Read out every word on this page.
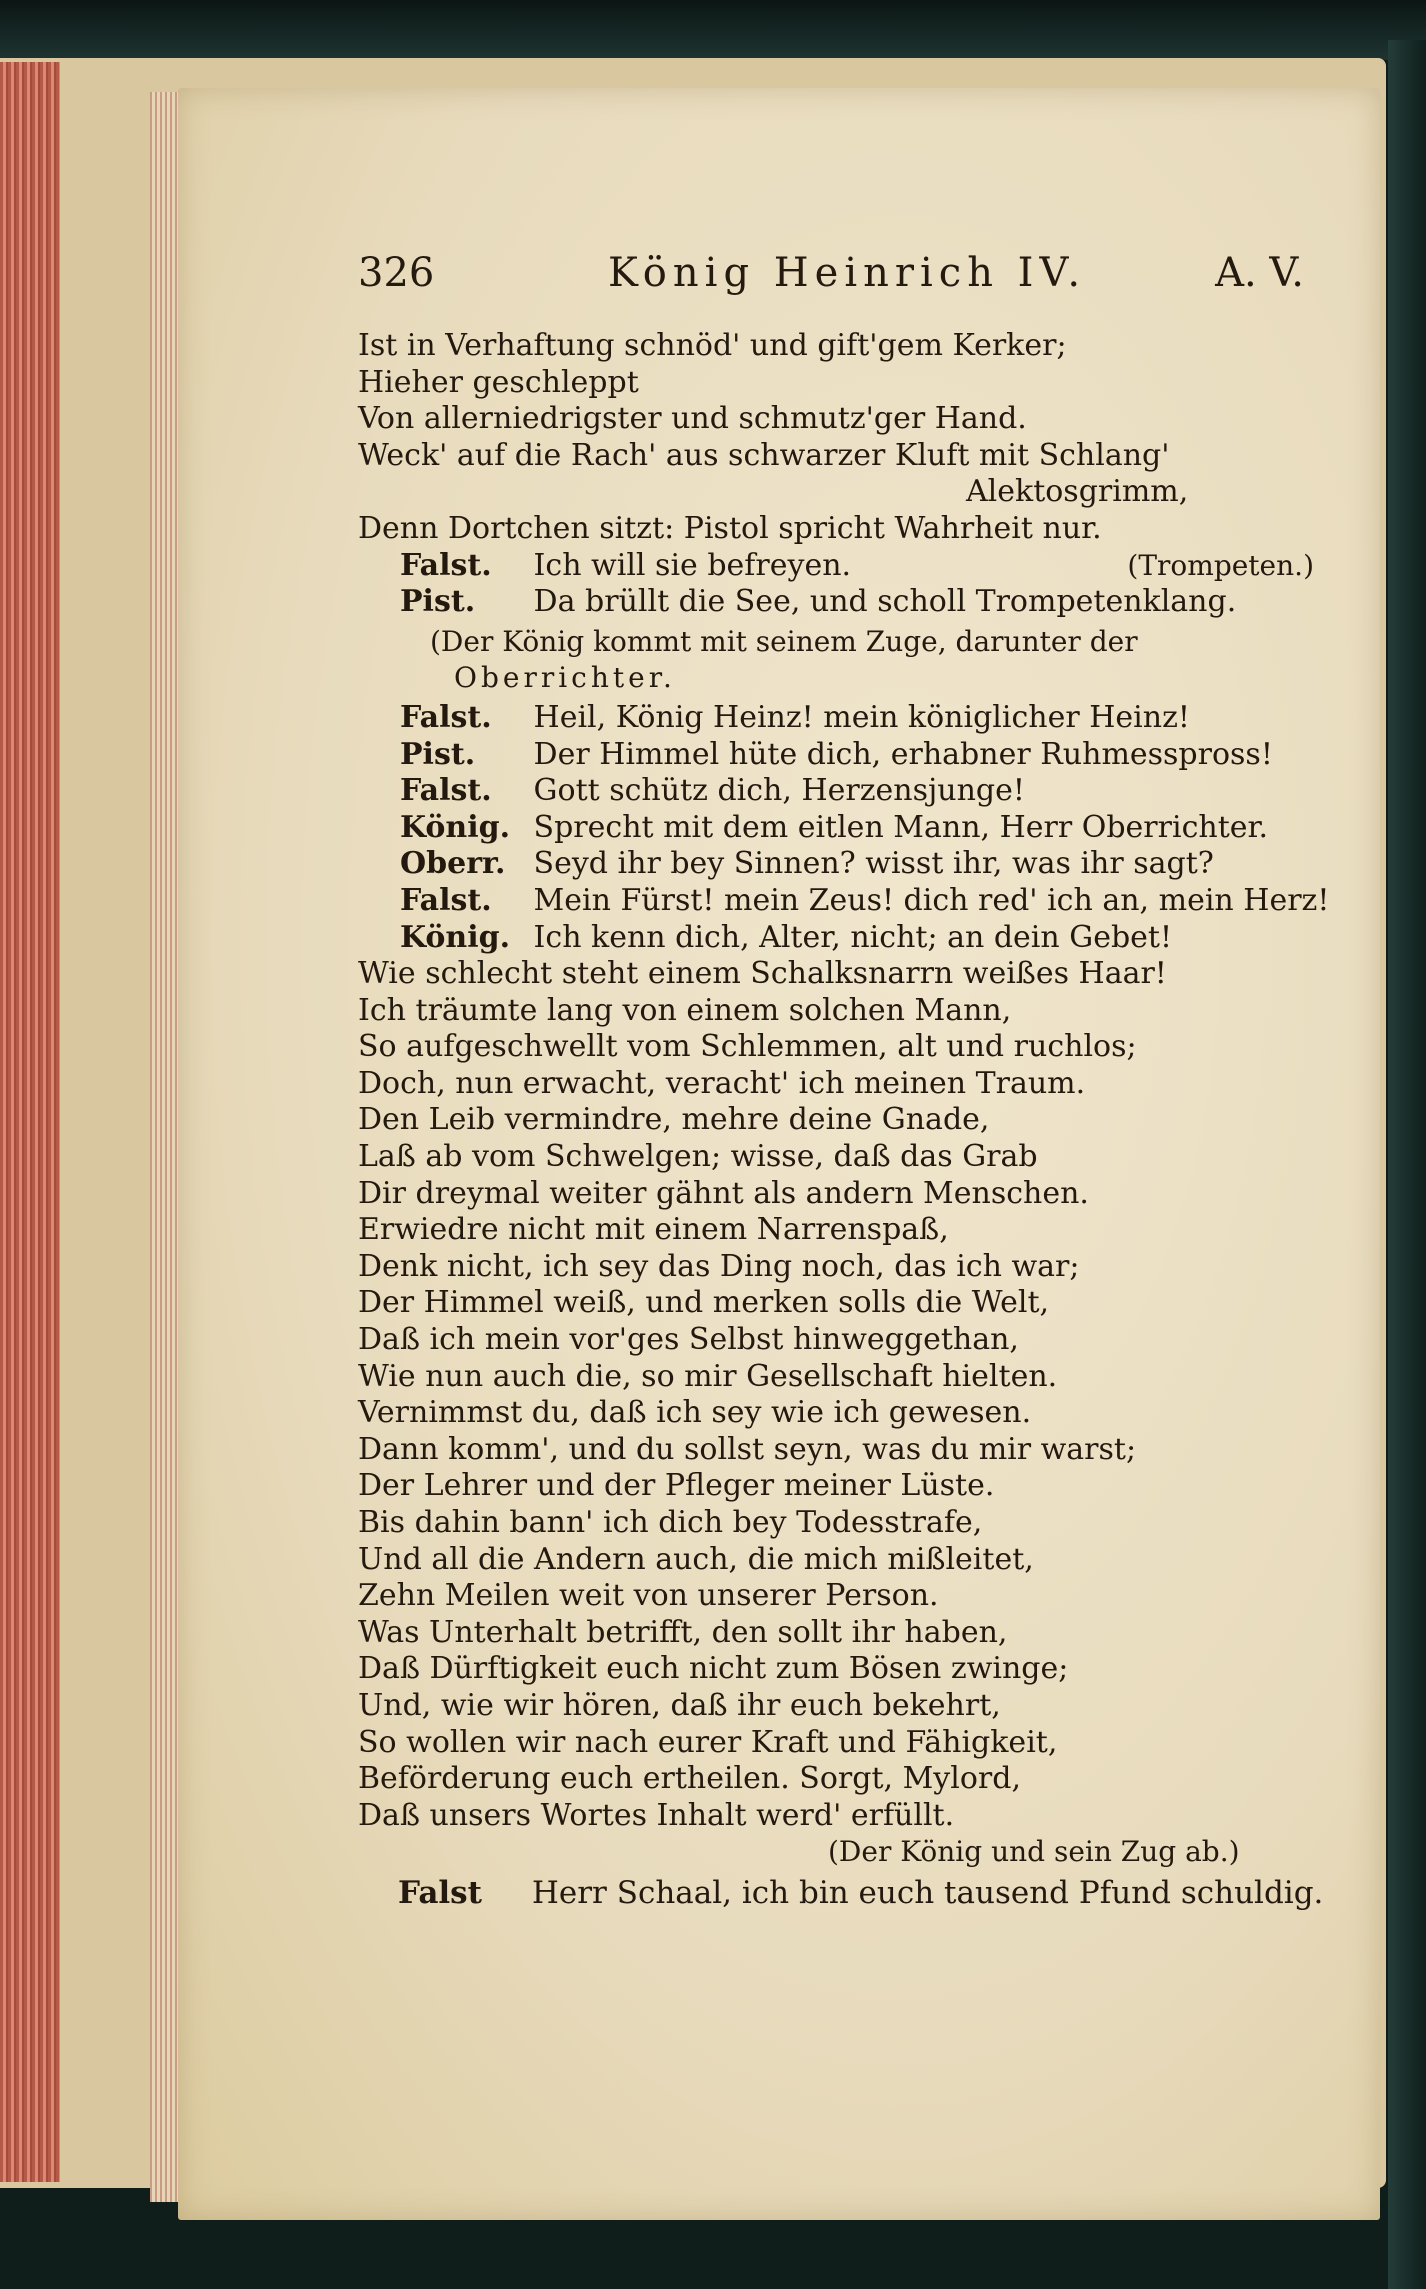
326	König Heinrich IV.	A. V.
Ist in Verhaftung schnöd' und gift'gem Kerker;
Hieher geschleppt
Von allerniedrigster und schmutz'ger Hand.
Weck' auf die Rach' aus schwarzer Kluft mit Schlang'
Alektosgrimm,
Denn Dortchen sitzt: Pistol spricht Wahrheit nur.
Falst. Ich will sie befreyen.	(Trompeten.)
Pist. Da brüllt die See, und scholl Trompetenklang.
(Der König kommt mit seinem Zuge, darunter der
Oberrichter.
Falst. Heil, König Heinz! mein königlicher Heinz!
Pist. Der Himmel hüte dich, erhabner Ruhmesspross!
Falst. Gott schütz dich, Herzensjunge!
König. Sprecht mit dem eitlen Mann, Herr Oberrichter.
Oberr. Seyd ihr bey Sinnen? wisst ihr, was ihr sagt?
Falst. Mein Fürst! mein Zeus! dich red' ich an, mein Herz!
König. Ich kenn dich, Alter, nicht; an dein Gebet!
Wie schlecht steht einem Schalksnarrn weißes Haar!
Ich träumte lang von einem solchen Mann,
So aufgeschwellt vom Schlemmen, alt und ruchlos;
Doch, nun erwacht, veracht' ich meinen Traum.
Den Leib vermindre, mehre deine Gnade,
Laß ab vom Schwelgen; wisse, daß das Grab
Dir dreymal weiter gähnt als andern Menschen.
Erwiedre nicht mit einem Narrenspaß,
Denk nicht, ich sey das Ding noch, das ich war;
Der Himmel weiß, und merken solls die Welt,
Daß ich mein vor'ges Selbst hinweggethan,
Wie nun auch die, so mir Gesellschaft hielten.
Vernimmst du, daß ich sey wie ich gewesen.
Dann komm', und du sollst seyn, was du mir warst;
Der Lehrer und der Pfleger meiner Lüste.
Bis dahin bann' ich dich bey Todesstrafe,
Und all die Andern auch, die mich mißleitet,
Zehn Meilen weit von unserer Person.
Was Unterhalt betrifft, den sollt ihr haben,
Daß Dürftigkeit euch nicht zum Bösen zwinge;
Und, wie wir hören, daß ihr euch bekehrt,
So wollen wir nach eurer Kraft und Fähigkeit,
Beförderung euch ertheilen. Sorgt, Mylord,
Daß unsers Wortes Inhalt werd' erfüllt.
(Der König und sein Zug ab.)
Falst Herr Schaal, ich bin euch tausend Pfund schuldig.
